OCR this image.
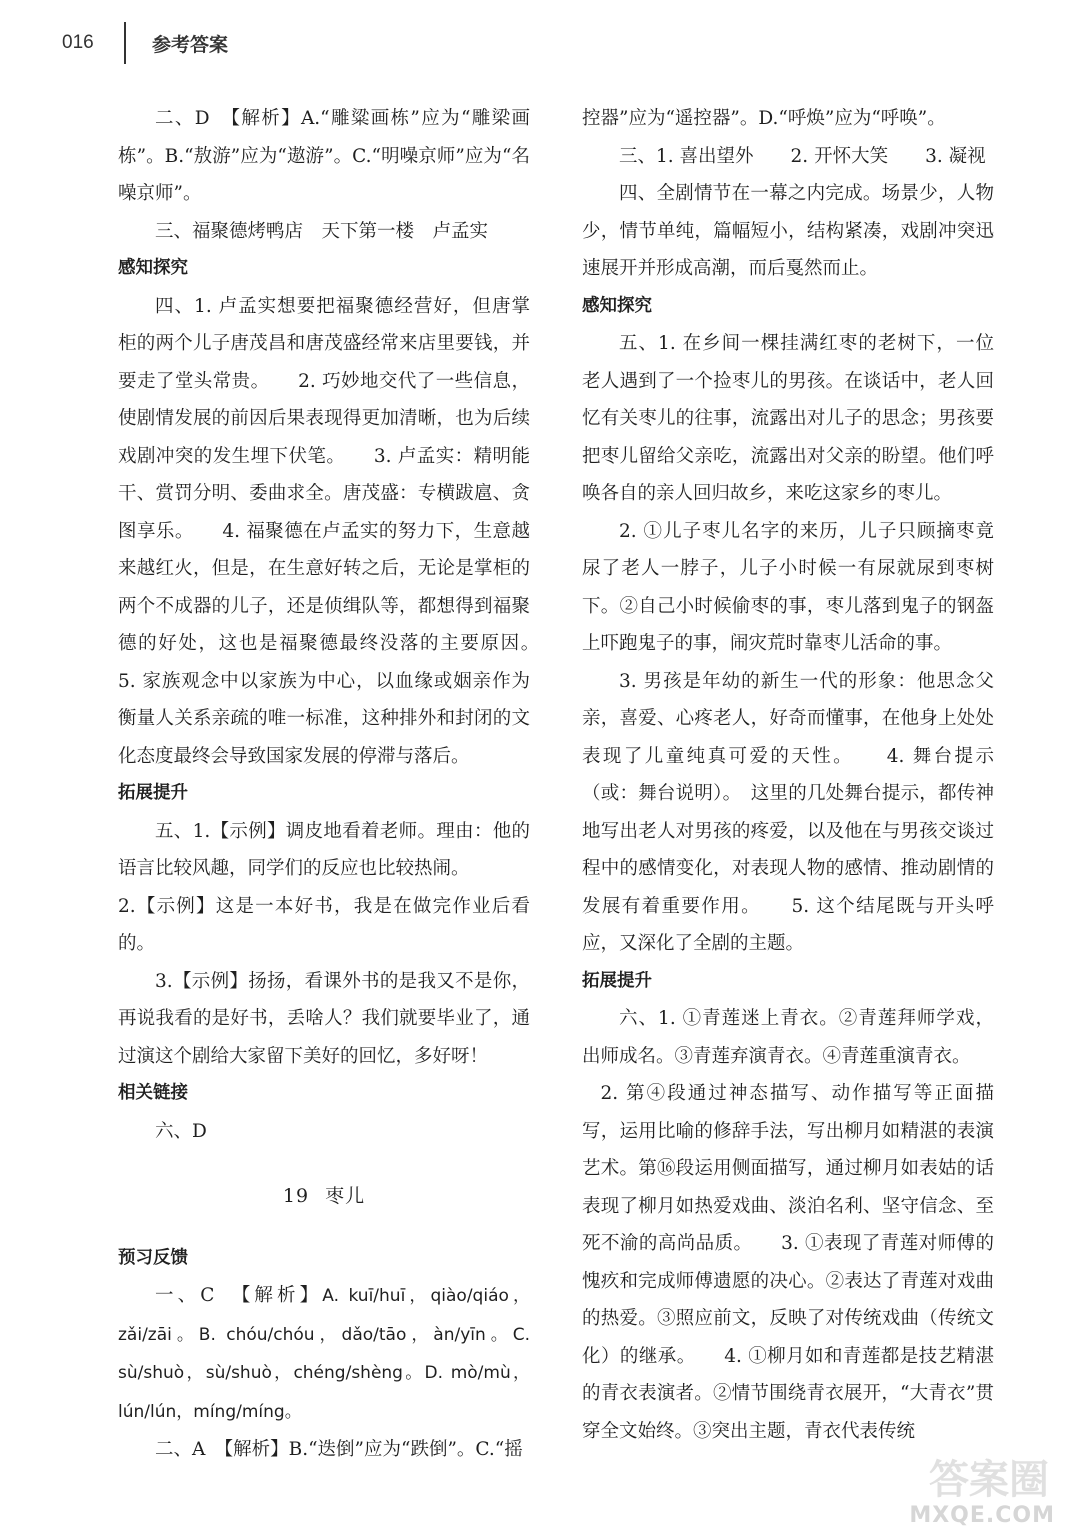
016	参考答案

二、D　【解析】A.“雕粱画栋”应为“雕梁画栋”。B.“敖游”应为“遨游”。C.“明噪京师”应为“名噪京师”。

三、福聚德烤鸭店　天下第一楼　卢孟实

感知探究

四、1. 卢孟实想要把福聚德经营好，但唐掌柜的两个儿子唐茂昌和唐茂盛经常来店里要钱，并要走了堂头常贵。　　2. 巧妙地交代了一些信息，使剧情发展的前因后果表现得更加清晰，也为后续戏剧冲突的发生埋下伏笔。　　3. 卢孟实：精明能干、赏罚分明、委曲求全。唐茂盛：专横跋扈、贪图享乐。　　4. 福聚德在卢孟实的努力下，生意越来越红火，但是，在生意好转之后，无论是掌柜的两个不成器的儿子，还是侦缉队等，都想得到福聚德的好处，这也是福聚德最终没落的主要原因。　　5. 家族观念中以家族为中心，以血缘或姻亲作为衡量人关系亲疏的唯一标准，这种排外和封闭的文化态度最终会导致国家发展的停滞与落后。

拓展提升

五、1.【示例】调皮地看着老师。理由：他的语言比较风趣，同学们的反应也比较热闹。

2.【示例】这是一本好书，我是在做完作业后看的。

3.【示例】扬扬，看课外书的是我又不是你，再说我看的是好书，丢啥人？我们就要毕业了，通过演这个剧给大家留下美好的回忆，多好呀！

相关链接

六、D

19 枣儿

预习反馈

一、C　【解析】A. kuī/huī，qiào/qiáo，zǎi/zāi。B. chóu/chóu，dǎo/tāo，àn/yīn。C. sù/shuò，sù/shuò，chéng/shèng。D. mò/mù，lún/lún，míng/míng。

二、A　【解析】B.“迭倒”应为“跌倒”。C.“摇

控器”应为“遥控器”。D.“呼焕”应为“呼唤”。

三、1. 喜出望外　　2. 开怀大笑　　3. 凝视

四、全剧情节在一幕之内完成。场景少，人物少，情节单纯，篇幅短小，结构紧凑，戏剧冲突迅速展开并形成高潮，而后戛然而止。

感知探究

五、1. 在乡间一棵挂满红枣的老树下，一位老人遇到了一个捡枣儿的男孩。在谈话中，老人回忆有关枣儿的往事，流露出对儿子的思念；男孩要把枣儿留给父亲吃，流露出对父亲的盼望。他们呼唤各自的亲人回归故乡，来吃这家乡的枣儿。

2. ①儿子枣儿名字的来历，儿子只顾摘枣竟尿了老人一脖子，儿子小时候一有尿就尿到枣树下。②自己小时候偷枣的事，枣儿落到鬼子的钢盔上吓跑鬼子的事，闹灾荒时靠枣儿活命的事。

3. 男孩是年幼的新生一代的形象：他思念父亲，喜爱、心疼老人，好奇而懂事，在他身上处处表现了儿童纯真可爱的天性。　　4. 舞台提示（或：舞台说明）。　这里的几处舞台提示，都传神地写出老人对男孩的疼爱，以及他在与男孩交谈过程中的感情变化，对表现人物的感情、推动剧情的发展有着重要作用。　　5. 这个结尾既与开头呼应，又深化了全剧的主题。

拓展提升

六、1. ①青莲迷上青衣。②青莲拜师学戏，出师成名。③青莲弃演青衣。④青莲重演青衣。

2. 第④段通过神态描写、动作描写等正面描写，运用比喻的修辞手法，写出柳月如精湛的表演艺术。第⑯段运用侧面描写，通过柳月如表姑的话表现了柳月如热爱戏曲、淡泊名利、坚守信念、至死不渝的高尚品质。　　3. ①表现了青莲对师傅的愧疚和完成师傅遗愿的决心。②表达了青莲对戏曲的热爱。③照应前文，反映了对传统戏曲（传统文化）的继承。　　4. ①柳月如和青莲都是技艺精湛的青衣表演者。②情节围绕青衣展开，“大青衣”贯穿全文始终。③突出主题，青衣代表传统

答案圈
MXQE.COM
